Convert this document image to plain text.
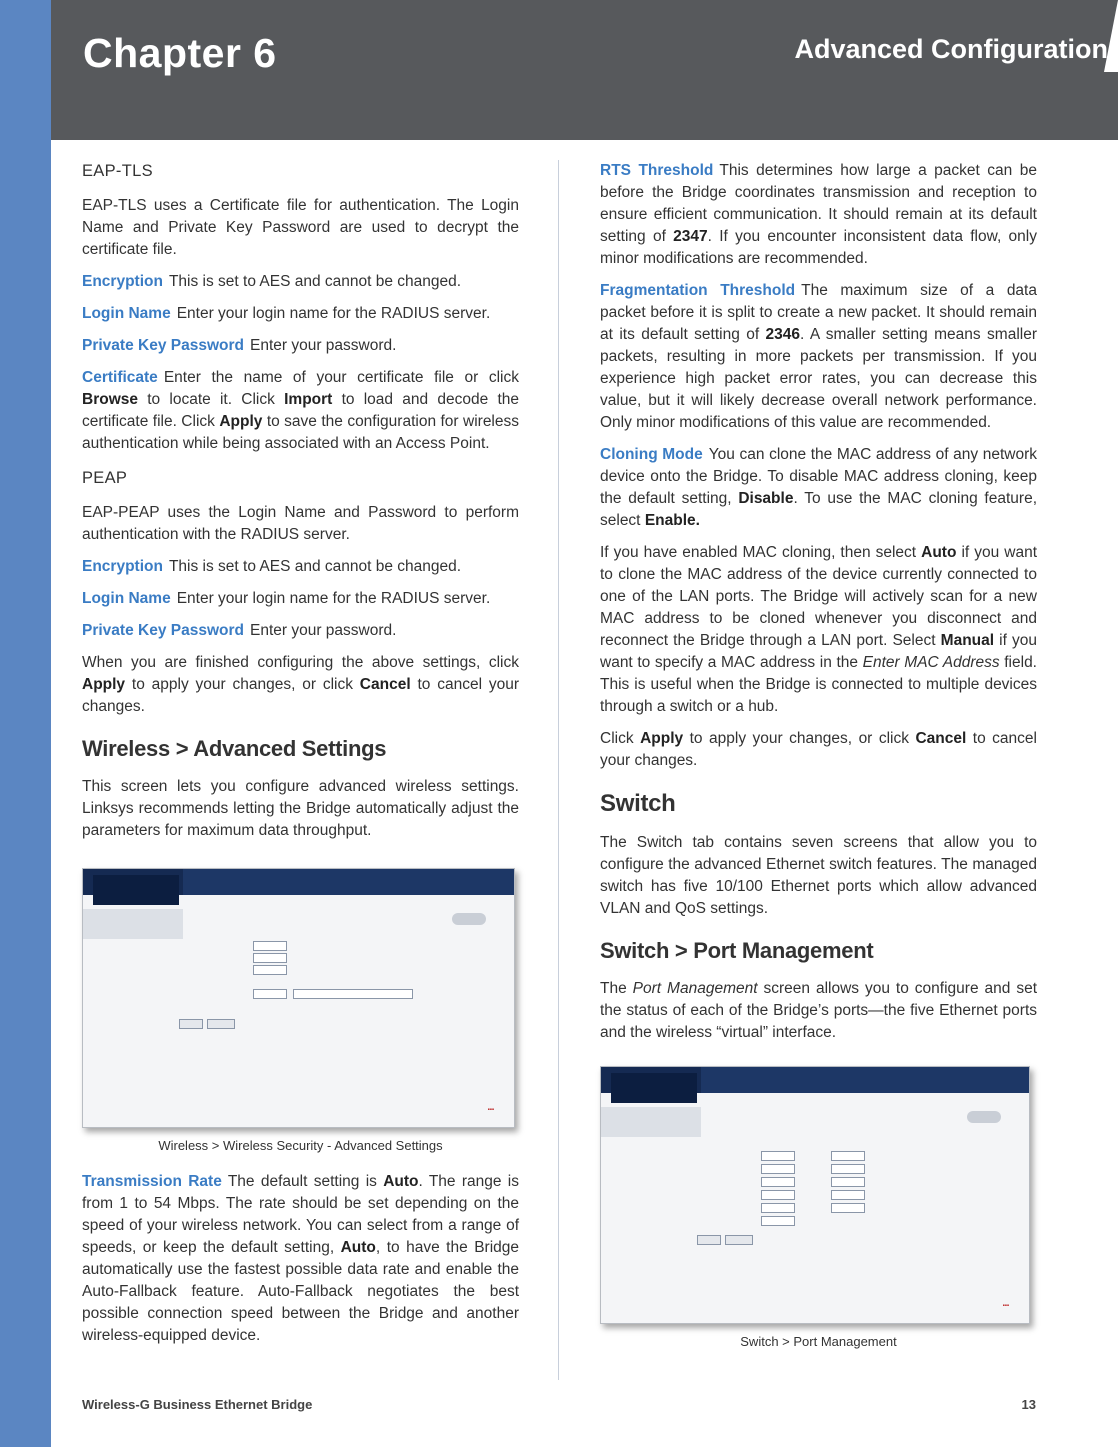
Chapter 6	Advanced Configuration
EAP-TLS

EAP-TLS uses a Certificate file for authentication. The Login Name and Private Key Password are used to decrypt the certificate file.

Encryption This is set to AES and cannot be changed.

Login Name Enter your login name for the RADIUS server.

Private Key Password Enter your password.

Certificate Enter the name of your certificate file or click Browse to locate it. Click Import to load and decode the certificate file. Click Apply to save the configuration for wireless authentication while being associated with an Access Point.

PEAP

EAP-PEAP uses the Login Name and Password to perform authentication with the RADIUS server.

Encryption This is set to AES and cannot be changed.

Login Name Enter your login name for the RADIUS server.

Private Key Password Enter your password.

When you are finished configuring the above settings, click Apply to apply your changes, or click Cancel to cancel your changes.

Wireless > Advanced Settings

This screen lets you configure advanced wireless settings. Linksys recommends letting the Bridge automatically adjust the parameters for maximum data throughput.

▪▪▪
Wireless > Wireless Security - Advanced Settings

Transmission Rate The default setting is Auto. The range is from 1 to 54 Mbps. The rate should be set depending on the speed of your wireless network. You can select from a range of speeds, or keep the default setting, Auto, to have the Bridge automatically use the fastest possible data rate and enable the Auto-Fallback feature. Auto-Fallback negotiates the best possible connection speed between the Bridge and another wireless-equipped device.

RTS Threshold This determines how large a packet can be before the Bridge coordinates transmission and reception to ensure efficient communication. It should remain at its default setting of 2347. If you encounter inconsistent data flow, only minor modifications are recommended.

Fragmentation Threshold The maximum size of a data packet before it is split to create a new packet. It should remain at its default setting of 2346. A smaller setting means smaller packets, resulting in more packets per transmission. If you experience high packet error rates, you can decrease this value, but it will likely decrease overall network performance. Only minor modifications of this value are recommended.

Cloning Mode You can clone the MAC address of any network device onto the Bridge. To disable MAC address cloning, keep the default setting, Disable. To use the MAC cloning feature, select Enable.

If you have enabled MAC cloning, then select Auto if you want to clone the MAC address of the device currently connected to one of the LAN ports. The Bridge will actively scan for a new MAC address to be cloned whenever you disconnect and reconnect the Bridge through a LAN port. Select Manual if you want to specify a MAC address in the Enter MAC Address field. This is useful when the Bridge is connected to multiple devices through a switch or a hub.

Click Apply to apply your changes, or click Cancel to cancel your changes.

Switch

The Switch tab contains seven screens that allow you to configure the advanced Ethernet switch features. The managed switch has five 10/100 Ethernet ports which allow advanced VLAN and QoS settings.

Switch > Port Management

The Port Management screen allows you to configure and set the status of each of the Bridge’s ports—the five Ethernet ports and the wireless “virtual” interface.

▪▪▪
Switch > Port Management
Wireless-G Business Ethernet Bridge	13
